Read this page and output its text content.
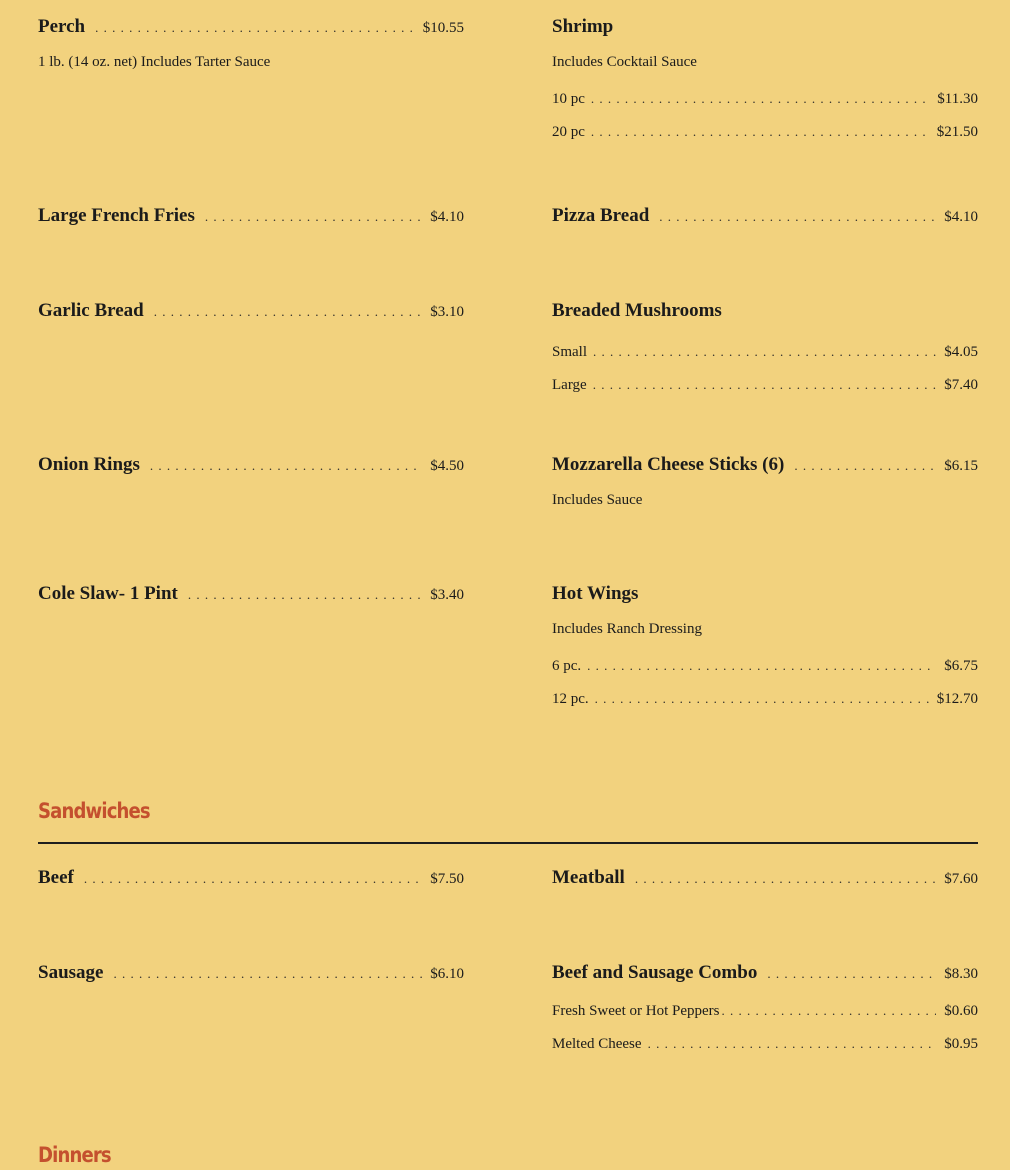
Perch . . .	$10.55
1 lb. (14 oz. net) Includes Tarter Sauce
Shrimp
Includes Cocktail Sauce
10 pc . . .	$11.30
20 pc . . .	$21.50
Large French Fries . . .	$4.10	Pizza Bread . . .	$4.10
Garlic Bread . . .	$3.10	Breaded Mushrooms
Small . . .	$4.05
Large . . .	$7.40
Onion Rings . . .	$4.50	Mozzarella Cheese Sticks (6) . . .	$6.15
Includes Sauce
Cole Slaw- 1 Pint . . .	$3.40	Hot Wings
Includes Ranch Dressing
6 pc. . . .	$6.75
12 pc. . . .	$12.70
Sandwiches
Beef . . .	$7.50	Meatball . . .	$7.60
Sausage . . .	$6.10	Beef and Sausage Combo . . .	$8.30
Fresh Sweet or Hot Peppers . . .	$0.60
Melted Cheese . . .	$0.95
Dinners
